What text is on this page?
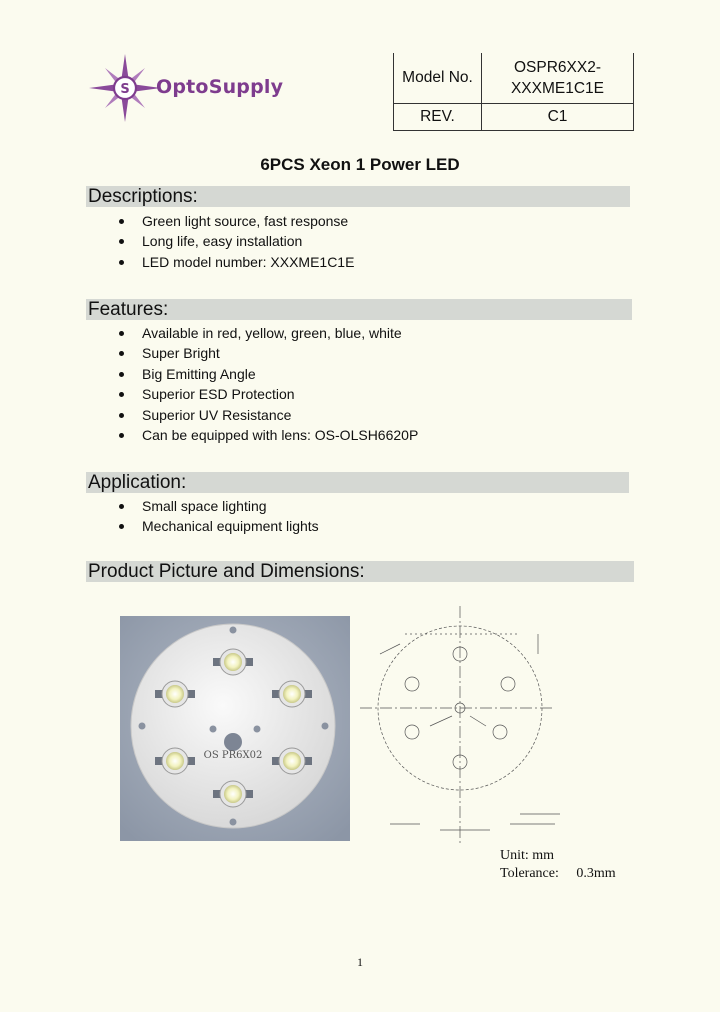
S OptoSupply	Model No.	OSPR6XX2-
XXXME1C1E

REV.	C1
6PCS Xeon 1 Power LED
Descriptions:
Green light source, fast response
Long life, easy installation
LED model number: XXXME1C1E
Features:
Available in red, yellow, green, blue, white
Super Bright
Big Emitting Angle
Superior ESD Protection
Superior UV Resistance
Can be equipped with lens: OS-OLSH6620P
Application:
Small space lighting
Mechanical equipment lights
Product Picture and Dimensions:
OS PR6X02
Unit: mm
Tolerance: 0.3mm
1
